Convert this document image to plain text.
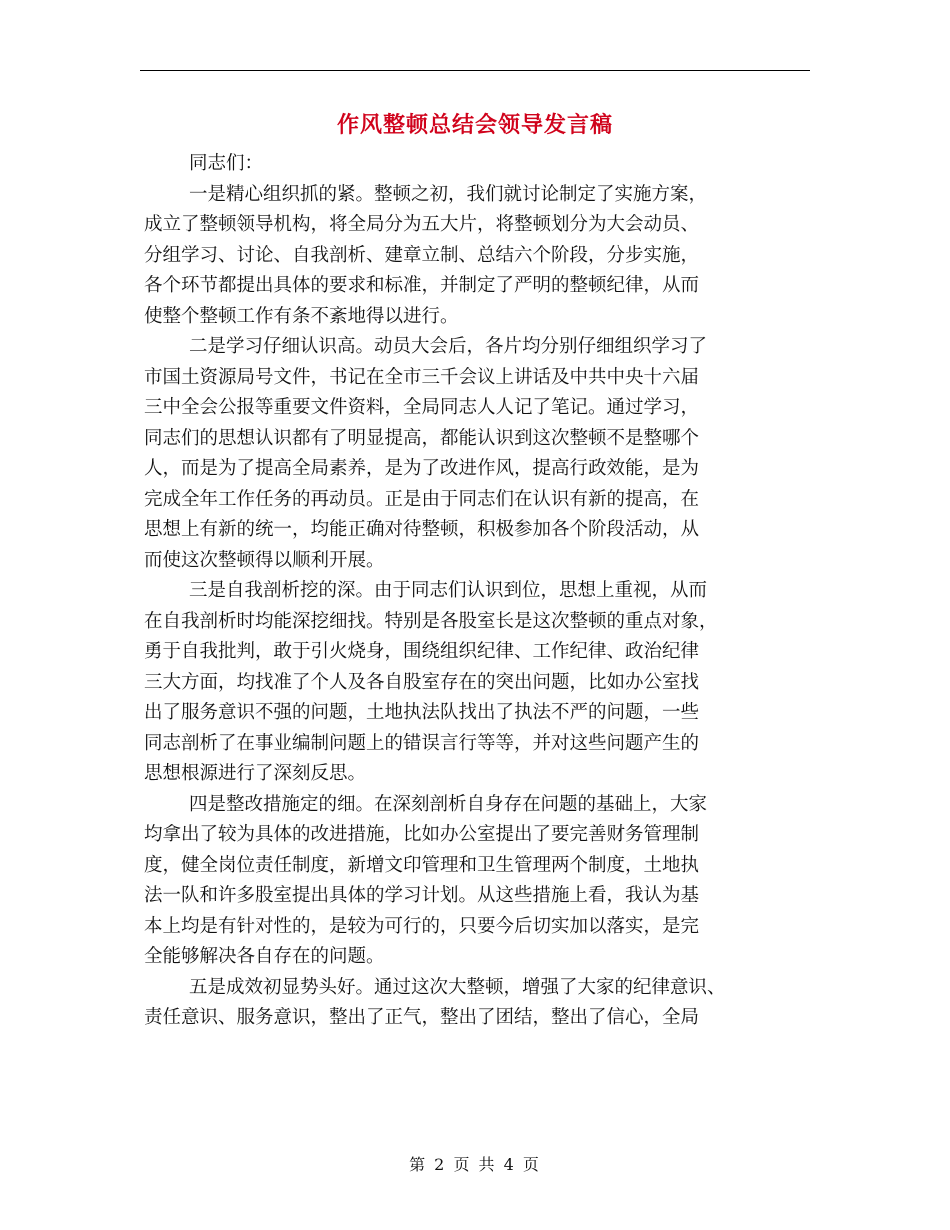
作风整顿总结会领导发言稿
同志们：
一是精心组织抓的紧。整顿之初，我们就讨论制定了实施方案，
成立了整顿领导机构，将全局分为五大片，将整顿划分为大会动员、
分组学习、讨论、自我剖析、建章立制、总结六个阶段，分步实施，
各个环节都提出具体的要求和标准，并制定了严明的整顿纪律，从而
使整个整顿工作有条不紊地得以进行。
二是学习仔细认识高。动员大会后，各片均分别仔细组织学习了
市国土资源局号文件，书记在全市三千会议上讲话及中共中央十六届
三中全会公报等重要文件资料，全局同志人人记了笔记。通过学习，
同志们的思想认识都有了明显提高，都能认识到这次整顿不是整哪个
人，而是为了提高全局素养，是为了改进作风，提高行政效能，是为
完成全年工作任务的再动员。正是由于同志们在认识有新的提高，在
思想上有新的统一，均能正确对待整顿，积极参加各个阶段活动，从
而使这次整顿得以顺利开展。
三是自我剖析挖的深。由于同志们认识到位，思想上重视，从而
在自我剖析时均能深挖细找。特别是各股室长是这次整顿的重点对象，
勇于自我批判，敢于引火烧身，围绕组织纪律、工作纪律、政治纪律
三大方面，均找准了个人及各自股室存在的突出问题，比如办公室找
出了服务意识不强的问题，土地执法队找出了执法不严的问题，一些
同志剖析了在事业编制问题上的错误言行等等，并对这些问题产生的
思想根源进行了深刻反思。
四是整改措施定的细。在深刻剖析自身存在问题的基础上，大家
均拿出了较为具体的改进措施，比如办公室提出了要完善财务管理制
度，健全岗位责任制度，新增文印管理和卫生管理两个制度，土地执
法一队和许多股室提出具体的学习计划。从这些措施上看，我认为基
本上均是有针对性的，是较为可行的，只要今后切实加以落实，是完
全能够解决各自存在的问题。
五是成效初显势头好。通过这次大整顿，增强了大家的纪律意识、
责任意识、服务意识，整出了正气，整出了团结，整出了信心，全局
第 2 页 共 4 页
